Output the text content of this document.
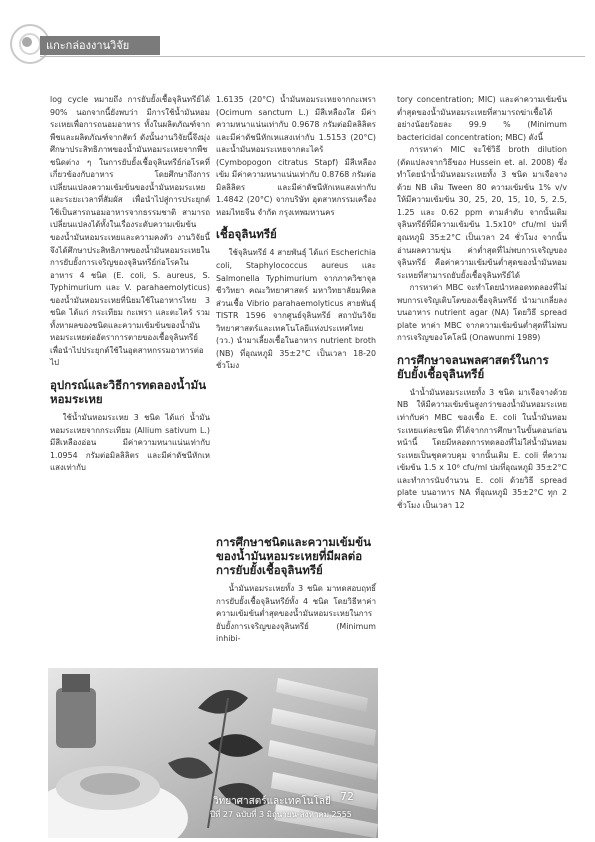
แกะกล่องงานวิจัย

log cycle หมายถึง การยับยั้งเชื้อจุลินทรีย์ได้ 90% นอกจากนี้ยังพบว่า มีการใช้น้ำมันหอมระเหยเพื่อการถนอมอาหาร ทั้งในผลิตภัณฑ์จากพืชและผลิตภัณฑ์จากสัตว์ ดังนั้นงานวิจัยนี้จึงมุ่งศึกษาประสิทธิภาพของน้ำมันหอมระเหยจากพืชชนิดต่าง ๆ ในการยับยั้งเชื้อจุลินทรีย์ก่อโรคที่เกี่ยวข้องกับอาหาร โดยศึกษาถึงการเปลี่ยนแปลงความเข้มข้นของน้ำมันหอมระเหยและระยะเวลาที่สัมผัส เพื่อนำไปสู่การประยุกต์ใช้เป็นสารถนอมอาหารจากธรรมชาติ สามารถเปลี่ยนแปลงได้ทั้งในเรื่องระดับความเข้มข้นของน้ำมันหอมระเหยและความคงตัว งานวิจัยนี้จึงได้ศึกษาประสิทธิภาพของน้ำมันหอมระเหยในการยับยั้งการเจริญของจุลินทรีย์ก่อโรคในอาหาร 4 ชนิด (E. coli, S. aureus, S. Typhimurium และ V. parahaemolyticus) ของน้ำมันหอมระเหยที่นิยมใช้ในอาหารไทย 3 ชนิด ได้แก่ กระเทียม กะเพรา และตะไคร้ รวมทั้งหาผลของชนิดและความเข้มข้นของน้ำมันหอมระเหยต่ออัตราการตายของเชื้อจุลินทรีย์ เพื่อนำไปประยุกต์ใช้ในอุตสาหกรรมอาหารต่อไป

อุปกรณ์และวิธีการทดลองน้ำมันหอมระเหย

ใช้น้ำมันหอมระเหย 3 ชนิด ได้แก่ น้ำมันหอมระเหยจากกระเทียม (Allium sativum L.) มีสีเหลืองอ่อน มีค่าความหนาแน่นเท่ากับ 1.0954 กรัมต่อมิลลิลิตร และมีค่าดัชนีหักเหแสงเท่ากับ

1.6135 (20°C) น้ำมันหอมระเหยจากกะเพรา (Ocimum sanctum L.) มีสีเหลืองใส มีค่าความหนาแน่นเท่ากับ 0.9678 กรัมต่อมิลลิลิตร และมีค่าดัชนีหักเหแสงเท่ากับ 1.5153 (20°C) และน้ำมันหอมระเหยจากตะไคร้ (Cymbopogon citratus Stapf) มีสีเหลืองเข้ม มีค่าความหนาแน่นเท่ากับ 0.8768 กรัมต่อมิลลิลิตร และมีค่าดัชนีหักเหแสงเท่ากับ 1.4842 (20°C) จากบริษัท อุตสาหกรรมเครื่องหอมไทยจีน จำกัด กรุงเทพมหานคร

เชื้อจุลินทรีย์

ใช้จุลินทรีย์ 4 สายพันธุ์ ได้แก่ Escherichia coli, Staphylococcus aureus และ Salmonella Typhimurium จากภาควิชาจุลชีววิทยา คณะวิทยาศาสตร์ มหาวิทยาลัยมหิดล ส่วนเชื้อ Vibrio parahaemolyticus สายพันธุ์ TISTR 1596 จากศูนย์จุลินทรีย์ สถาบันวิจัยวิทยาศาสตร์และเทคโนโลยีแห่งประเทศไทย (วว.) นำมาเลี้ยงเชื้อในอาหาร nutrient broth (NB) ที่อุณหภูมิ 35±2°C เป็นเวลา 18-20 ชั่วโมง

การศึกษาชนิดและความเข้มข้นของน้ำมันหอมระเหยที่มีผลต่อการยับยั้งเชื้อจุลินทรีย์

น้ำมันหอมระเหยทั้ง 3 ชนิด มาทดสอบฤทธิ์การยับยั้งเชื้อจุลินทรีย์ทั้ง 4 ชนิด โดยวิธีหาค่าความเข้มข้นต่ำสุดของน้ำมันหอมระเหยในการยับยั้งการเจริญของจุลินทรีย์ (Minimum inhibi-

tory concentration; MIC) และค่าความเข้มข้นต่ำสุดของน้ำมันหอมระเหยที่สามารถฆ่าเชื้อได้อย่างน้อยร้อยละ 99.9 % (Minimum bactericidal concentration; MBC) ดังนี้

การหาค่า MIC จะใช้วิธี broth dilution (ดัดแปลงจากวิธีของ Hussein et. al. 2008) ซึ่งทำโดยนำน้ำมันหอมระเหยทั้ง 3 ชนิด มาเจือจางด้วย NB เติม Tween 80 ความเข้มข้น 1% v/v ให้มีความเข้มข้น 30, 25, 20, 15, 10, 5, 2.5, 1.25 และ 0.62 ppm ตามลำดับ จากนั้นเติมจุลินทรีย์ที่มีความเข้มข้น 1.5x10⁸ cfu/ml บ่มที่อุณหภูมิ 35±2°C เป็นเวลา 24 ชั่วโมง จากนั้นอ่านผลความขุ่น ค่าต่ำสุดที่ไม่พบการเจริญของจุลินทรีย์ คือค่าความเข้มข้นต่ำสุดของน้ำมันหอมระเหยที่สามารถยับยั้งเชื้อจุลินทรีย์ได้

การหาค่า MBC จะทำโดยนำหลอดทดลองที่ไม่พบการเจริญเติบโตของเชื้อจุลินทรีย์ นำมาเกลี่ยลงบนอาหาร nutrient agar (NA) โดยวิธี spread plate หาค่า MBC จากความเข้มข้นต่ำสุดที่ไม่พบการเจริญของโคโลนี (Onawunmi 1989)

การศึกษาจลนพลศาสตร์ในการยับยั้งเชื้อจุลินทรีย์

นำน้ำมันหอมระเหยทั้ง 3 ชนิด มาเจือจางด้วย NB ให้มีความเข้มข้นสูงกว่าของน้ำมันหอมระเหยเท่ากับค่า MBC ของเชื้อ E. coli ในน้ำมันหอมระเหยแต่ละชนิด ที่ได้จากการศึกษาในขั้นตอนก่อนหน้านี้ โดยมีหลอดการทดลองที่ไม่ใส่น้ำมันหอมระเหยเป็นชุดควบคุม จากนั้นเติม E. coli ที่ความเข้มข้น 1.5 x 10⁸ cfu/ml บ่มที่อุณหภูมิ 35±2°C และทำการนับจำนวน E. coli ด้วยวิธี spread plate บนอาหาร NA ที่อุณหภูมิ 35±2°C ทุก 2 ชั่วโมง เป็นเวลา 12

วิทยาศาสตร์และเทคโนโลยี 72
ปีที่ 27 ฉบับที่ 3 มิถุนายน-สิงหาคม 2555
